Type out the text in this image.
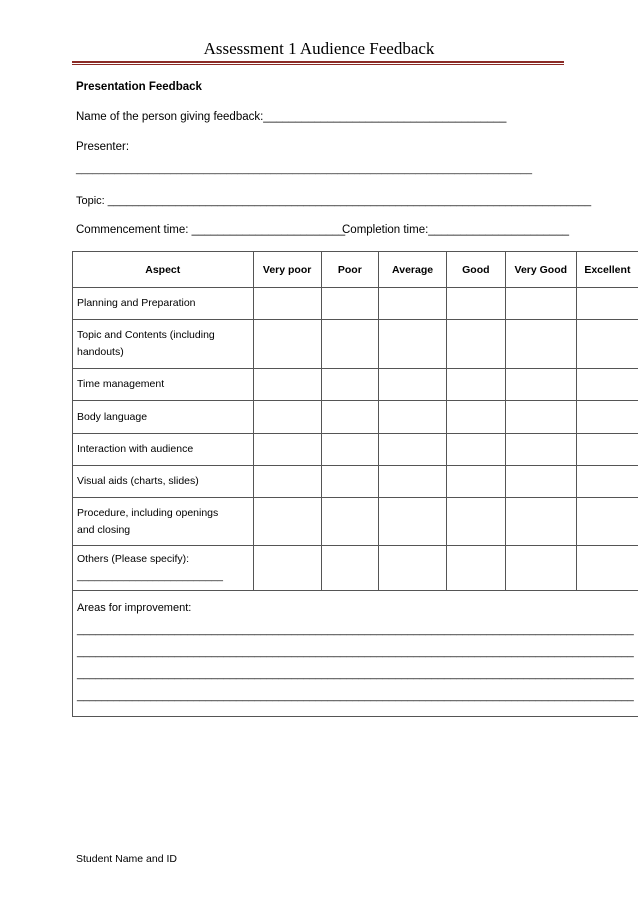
Assessment 1 Audience Feedback
Presentation Feedback
Name of the person giving feedback:______________________________________
Presenter:
__________________________________________________________________________________
Topic: _______________________________________________________________________________
Commencement time: ________________________
Completion time:______________________
Aspect	Very poor	Poor	Average	Good	Very Good	Excellent
Planning and Preparation						
Topic and Contents (including
handouts)						
Time management						
Body language						
Interaction with audience						
Visual aids (charts, slides)						
Procedure, including openings
and closing						
Others (Please specify):
_________________________						

Areas for improvement:
___________________________________________________________________________________________
___________________________________________________________________________________________
___________________________________________________________________________________________
___________________________________________________________________________________________						
Student Name and ID
